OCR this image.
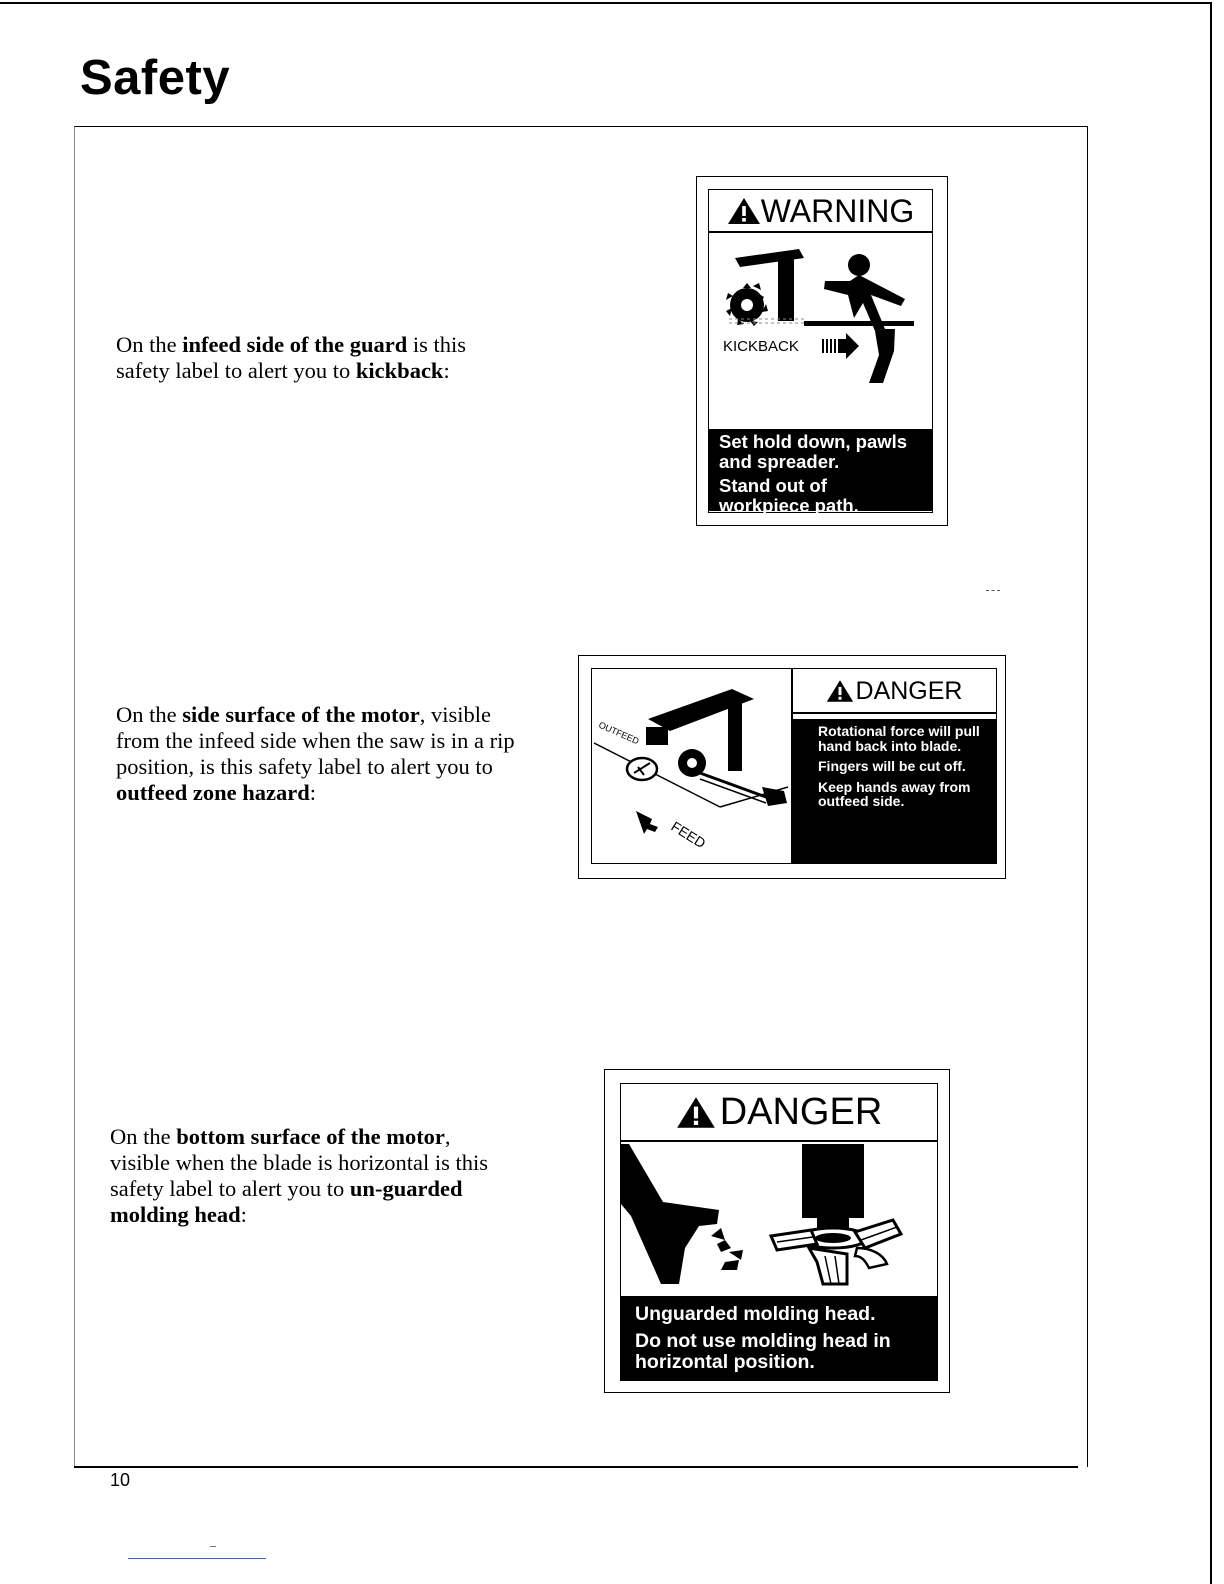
Safety
On the infeed side of the guard is this safety label to alert you to kickback:
WARNING
KICKBACK

Set hold down, pawls and spreader.

Stand out of workpiece path.

On the side surface of the motor, visible from the infeed side when the saw is in a rip position, is this safety label to alert you to outfeed zone hazard:
OUTFEED
FEED
DANGER

Rotational force will pull hand back into blade.

Fingers will be cut off.

Keep hands away from outfeed side.

On the bottom surface of the motor, visible when the blade is horizontal is this safety label to alert you to un-guarded molding head:
DANGER

Unguarded molding head.

Do not use molding head in horizontal position.

10
